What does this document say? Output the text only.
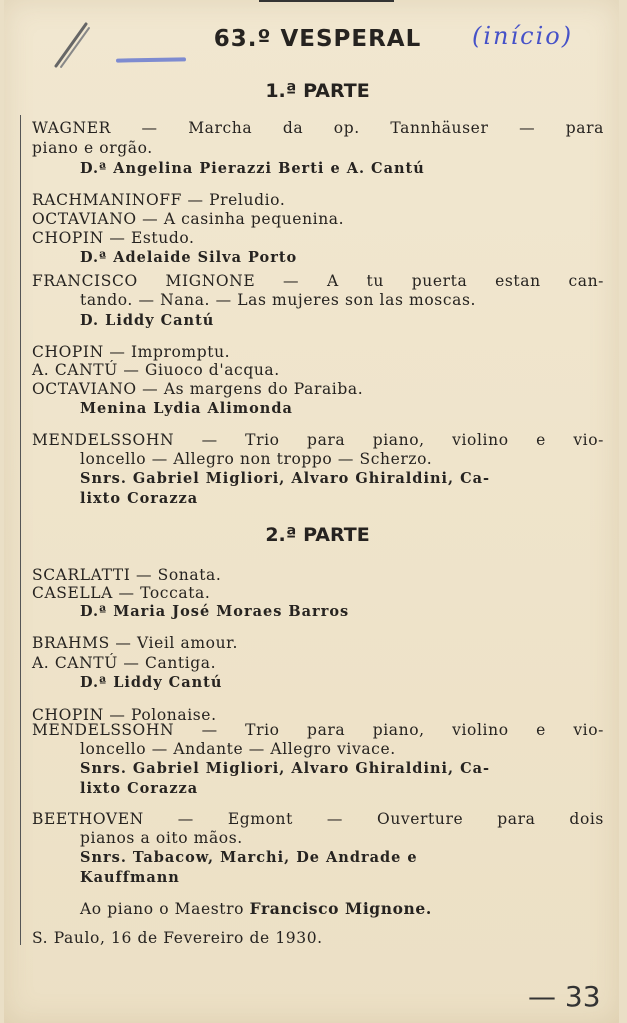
63.º VESPERAL	(início)
1.ª PARTE
WAGNER — Marcha da op. Tannhäuser — para
piano e orgão.
D.ª Angelina Pierazzi Berti e A. Cantú
RACHMANINOFF — Preludio.
OCTAVIANO — A casinha pequenina.
CHOPIN — Estudo.
D.ª Adelaide Silva Porto
FRANCISCO MIGNONE — A tu puerta estan can-
tando. — Nana. — Las mujeres son las moscas.
D. Liddy Cantú
CHOPIN — Impromptu.
A. CANTÚ — Giuoco d'acqua.
OCTAVIANO — As margens do Paraiba.
Menina Lydia Alimonda
MENDELSSOHN — Trio para piano, violino e vio-
loncello — Allegro non troppo — Scherzo.
Snrs. Gabriel Migliori, Alvaro Ghiraldini, Ca-
lixto Corazza
2.ª PARTE
SCARLATTI — Sonata.
CASELLA — Toccata.
D.ª Maria José Moraes Barros
BRAHMS — Vieil amour.
A. CANTÚ — Cantiga.
D.ª Liddy Cantú
CHOPIN — Polonaise.
MENDELSSOHN — Trio para piano, violino e vio-
loncello — Andante — Allegro vivace.
Snrs. Gabriel Migliori, Alvaro Ghiraldini, Ca-
lixto Corazza
BEETHOVEN — Egmont — Ouverture para dois
pianos a oito mãos.
Snrs. Tabacow, Marchi, De Andrade e
Kauffmann
Ao piano o Maestro Francisco Mignone.
S. Paulo, 16 de Fevereiro de 1930.
— 33
